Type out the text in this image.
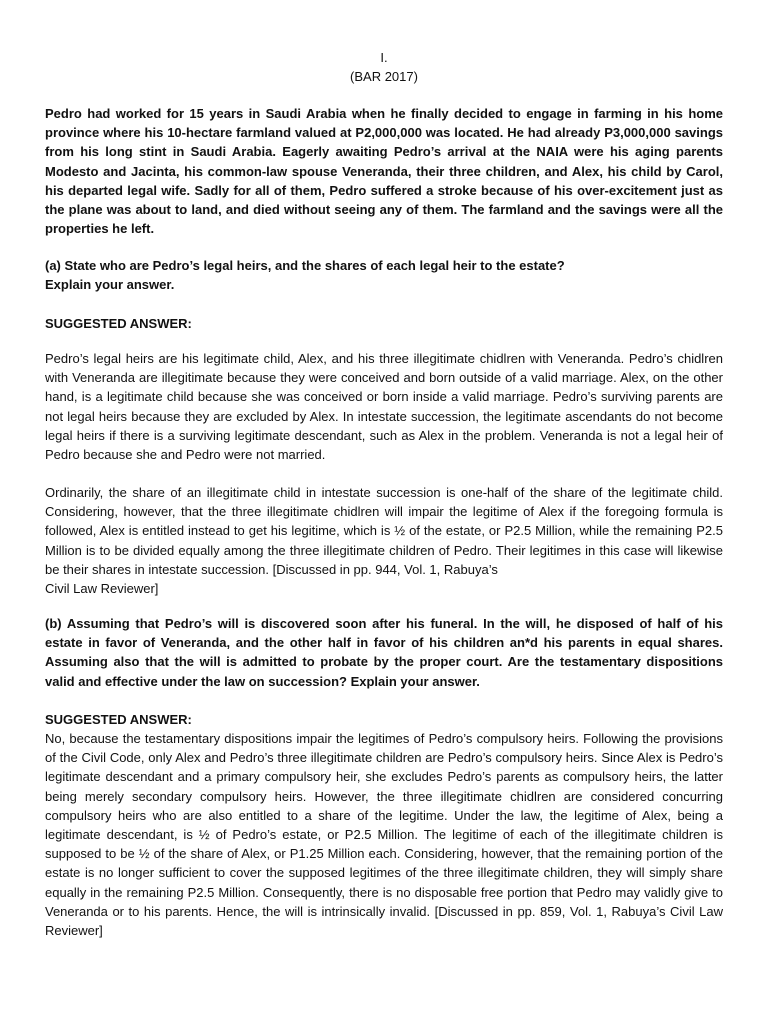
I.
(BAR 2017)

Pedro had worked for 15 years in Saudi Arabia when he finally decided to engage in farming in his home province where his 10-hectare farmland valued at P2,000,000 was located. He had already P3,000,000 savings from his long stint in Saudi Arabia. Eagerly awaiting Pedro’s arrival at the NAIA were his aging parents Modesto and Jacinta, his common-law spouse Veneranda, their three children, and Alex, his child by Carol, his departed legal wife. Sadly for all of them, Pedro suffered a stroke because of his over-excitement just as the plane was about to land, and died without seeing any of them. The farmland and the savings were all the properties he left.

(a) State who are Pedro’s legal heirs, and the shares of each legal heir to the estate?
Explain your answer.
SUGGESTED ANSWER:

Pedro’s legal heirs are his legitimate child, Alex, and his three illegitimate chidlren with Veneranda. Pedro’s chidlren with Veneranda are illegitimate because they were conceived and born outside of a valid marriage. Alex, on the other hand, is a legitimate child because she was conceived or born inside a valid marriage. Pedro’s surviving parents are not legal heirs because they are excluded by Alex. In intestate succession, the legitimate ascendants do not become legal heirs if there is a surviving legitimate descendant, such as Alex in the problem. Veneranda is not a legal heir of Pedro because she and Pedro were not married.

Ordinarily, the share of an illegitimate child in intestate succession is one-half of the share of the legitimate child. Considering, however, that the three illegitimate chidlren will impair the legitime of Alex if the foregoing formula is followed, Alex is entitled instead to get his legitime, which is ½ of the estate, or P2.5 Million, while the remaining P2.5 Million is to be divided equally among the three illegitimate children of Pedro. Their legitimes in this case will likewise be their shares in intestate succession. [Discussed in pp. 944, Vol. 1, Rabuya’s
Civil Law Reviewer]

(b) Assuming that Pedro’s will is discovered soon after his funeral. In the will, he disposed of half of his estate in favor of Veneranda, and the other half in favor of his children an*d his parents in equal shares. Assuming also that the will is admitted to probate by the proper court. Are the testamentary dispositions valid and effective under the law on succession? Explain your answer.

SUGGESTED ANSWER:

No, because the testamentary dispositions impair the legitimes of Pedro’s compulsory heirs. Following the provisions of the Civil Code, only Alex and Pedro’s three illegitimate children are Pedro’s compulsory heirs. Since Alex is Pedro’s legitimate descendant and a primary compulsory heir, she excludes Pedro’s parents as compulsory heirs, the latter being merely secondary compulsory heirs. However, the three illegitimate chidlren are considered concurring compulsory heirs who are also entitled to a share of the legitime. Under the law, the legitime of Alex, being a legitimate descendant, is ½ of Pedro’s estate, or P2.5 Million. The legitime of each of the illegitimate children is supposed to be ½ of the share of Alex, or P1.25 Million each. Considering, however, that the remaining portion of the estate is no longer sufficient to cover the supposed legitimes of the three illegitimate children, they will simply share equally in the remaining P2.5 Million. Consequently, there is no disposable free portion that Pedro may validly give to Veneranda or to his parents. Hence, the will is intrinsically invalid. [Discussed in pp. 859, Vol. 1, Rabuya’s Civil Law Reviewer]
